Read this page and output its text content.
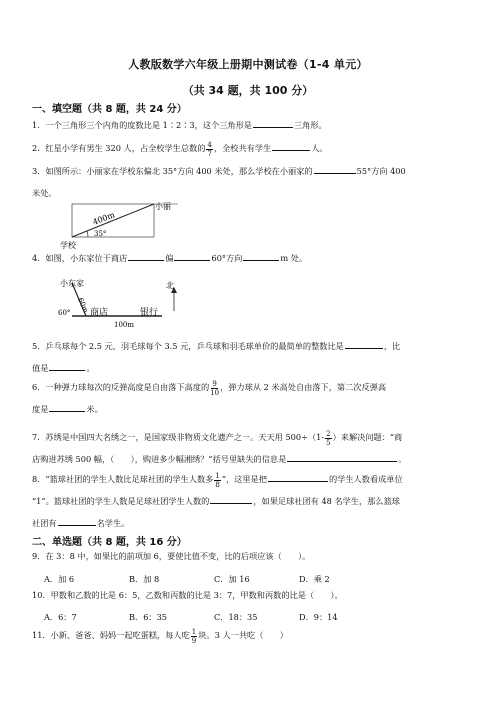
人教版数学六年级上册期中测试卷（1-4 单元）
（共 34 题，共 100 分）
一、填空题（共 8 题，共 24 分）
1．一个三角形三个内角的度数比是 1∶2∶3，这个三角形是	三角形。
2．红星小学有男生 320 人，占全校学生总数的 $\frac{4}{7}$ ，全校共有学生	人。
3．如图所示：小丽家在学校东偏北 35°方向 400 米处，那么学校在小丽家的	55°方向 400
米处。
小丽
学校
400m
35°
4．如图，小东家位于商店	偏	60°方向	m 处。
小东家
60m
60° 商店	银行
北
100m
5．乒乓球每个 2.5 元，羽毛球每个 3.5 元，乒乓球和羽毛球单价的最简单的整数比是	，比
值是	。
6．一种弹力球每次的反弹高度是自由落下高度的 $\frac{9}{10}$ ，弹力球从 2 米高处自由落下，第二次反弹高
度是	米。
7．苏绣是中国四大名绣之一，是国家级非物质文化遗产之一。天天用 $500\div(1- \frac{2}{5}$ ）来解决问题：“商
店购进苏绣 500 幅，（　　），购进多少幅湘绣？”括号里缺失的信息是	。
8．“篮球社团的学生人数比足球社团的学生人数多 $\frac{1}{8}$ ”，这里是把	的学生人数看成单位
“1”。篮球社团的学生人数是足球社团学生人数的	，如果足球社团有 48 名学生，那么篮球
社团有	名学生。
二、单选题（共 8 题，共 16 分）
9．在 3：8 中，如果比的前项加 6，要使比值不变，比的后项应该（　　）。
A．加 6	B．加 8	C．加 16	D．乘 2
10．甲数和乙数的比是 6：5，乙数和丙数的比是 3：7，甲数和丙数的比是（　　）。
A．6：7	B．6：35	C．18：35	D．9：14
11．小新、爸爸、妈妈一起吃蛋糕，每人吃 $\frac{1}{9}$ 块。3 人一共吃（　　）
